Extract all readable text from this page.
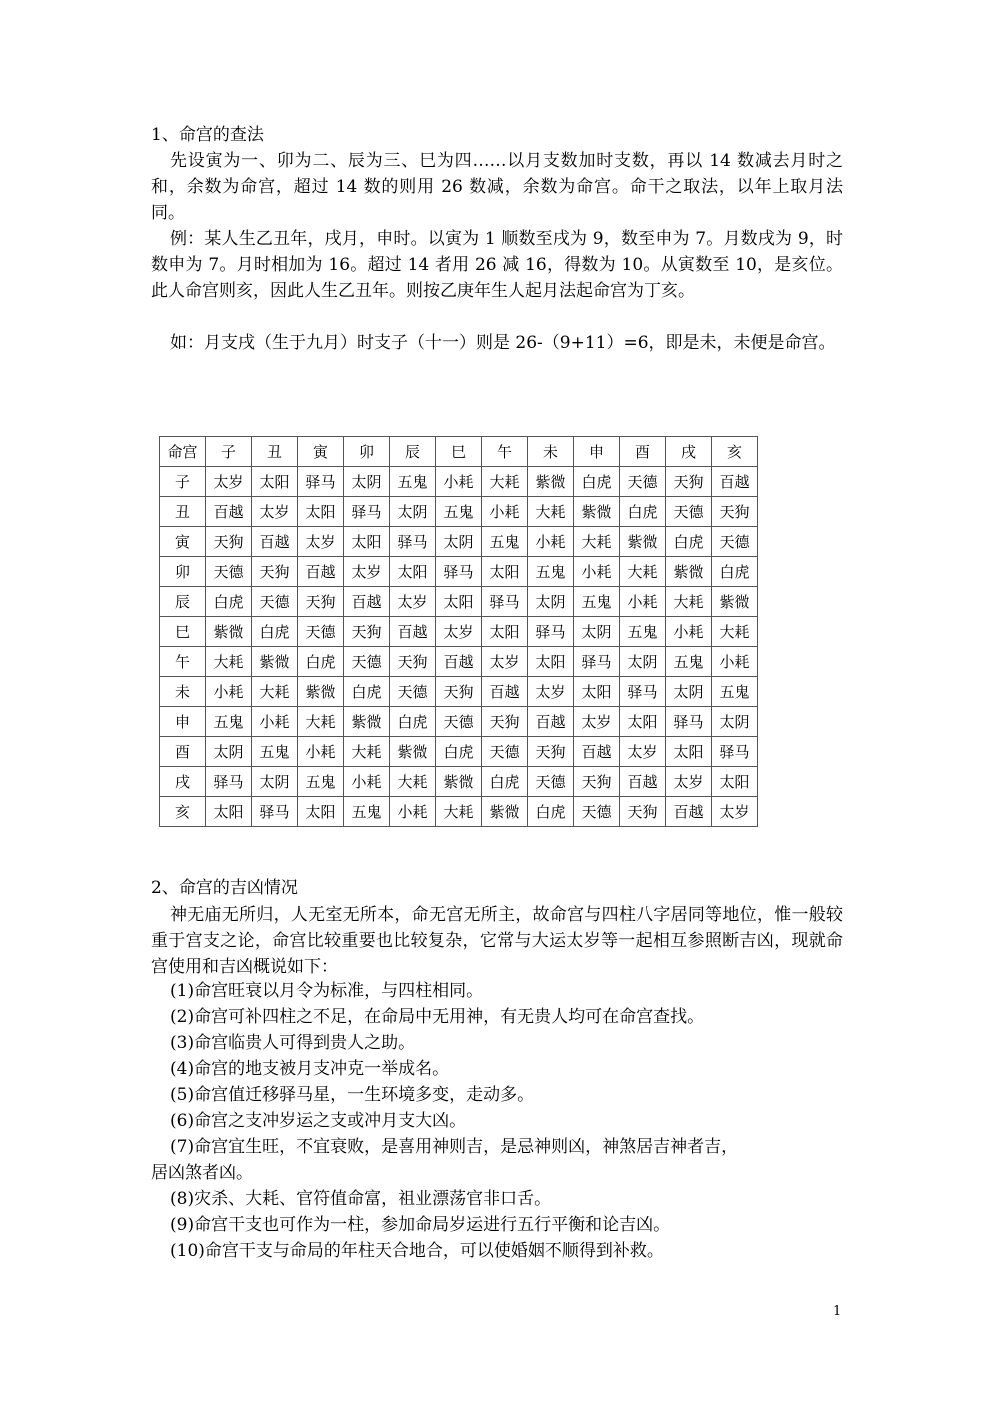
1、命宫的查法
先设寅为一、卯为二、辰为三、巳为四……以月支数加时支数，再以 14 数减去月时之和，余数为命宫，超过 14 数的则用 26 数减，余数为命宫。命干之取法，以年上取月法同。
例：某人生乙丑年，戌月，申时。以寅为 1 顺数至戌为 9，数至申为 7。月数戌为 9，时数申为 7。月时相加为 16。超过 14 者用 26 减 16，得数为 10。从寅数至 10，是亥位。此人命宫则亥，因此人生乙丑年。则按乙庚年生人起月法起命宫为丁亥。
如：月支戌（生于九月）时支子（十一）则是 26-（9+11）=6，即是未，未便是命宫。
命宫	子	丑	寅	卯	辰	巳	午	未	申	酉	戌	亥
子	太岁	太阳	驿马	太阴	五鬼	小耗	大耗	紫微	白虎	天德	天狗	百越
丑	百越	太岁	太阳	驿马	太阴	五鬼	小耗	大耗	紫微	白虎	天德	天狗
寅	天狗	百越	太岁	太阳	驿马	太阴	五鬼	小耗	大耗	紫微	白虎	天德
卯	天德	天狗	百越	太岁	太阳	驿马	太阳	五鬼	小耗	大耗	紫微	白虎
辰	白虎	天德	天狗	百越	太岁	太阳	驿马	太阴	五鬼	小耗	大耗	紫微
巳	紫微	白虎	天德	天狗	百越	太岁	太阳	驿马	太阴	五鬼	小耗	大耗
午	大耗	紫微	白虎	天德	天狗	百越	太岁	太阳	驿马	太阴	五鬼	小耗
未	小耗	大耗	紫微	白虎	天德	天狗	百越	太岁	太阳	驿马	太阴	五鬼
申	五鬼	小耗	大耗	紫微	白虎	天德	天狗	百越	太岁	太阳	驿马	太阴
酉	太阴	五鬼	小耗	大耗	紫微	白虎	天德	天狗	百越	太岁	太阳	驿马
戌	驿马	太阴	五鬼	小耗	大耗	紫微	白虎	天德	天狗	百越	太岁	太阳
亥	太阳	驿马	太阳	五鬼	小耗	大耗	紫微	白虎	天德	天狗	百越	太岁
2、命宫的吉凶情况
神无庙无所归，人无室无所本，命无宫无所主，故命宫与四柱八字居同等地位，惟一般较重于宫支之论，命宫比较重要也比较复杂，它常与大运太岁等一起相互参照断吉凶，现就命宫使用和吉凶概说如下：
(1)命宫旺衰以月令为标准，与四柱相同。
(2)命宫可补四柱之不足，在命局中无用神，有无贵人均可在命宫查找。
(3)命宫临贵人可得到贵人之助。
(4)命宫的地支被月支冲克一举成名。
(5)命宫值迁移驿马星，一生环境多变，走动多。
(6)命宫之支冲岁运之支或冲月支大凶。
(7)命宫宜生旺，不宜衰败，是喜用神则吉，是忌神则凶，神煞居吉神者吉，
居凶煞者凶。
(8)灾杀、大耗、官符值命富，祖业漂荡官非口舌。
(9)命宫干支也可作为一柱，参加命局岁运进行五行平衡和论吉凶。
(10)命宫干支与命局的年柱天合地合，可以使婚姻不顺得到补救。
1
